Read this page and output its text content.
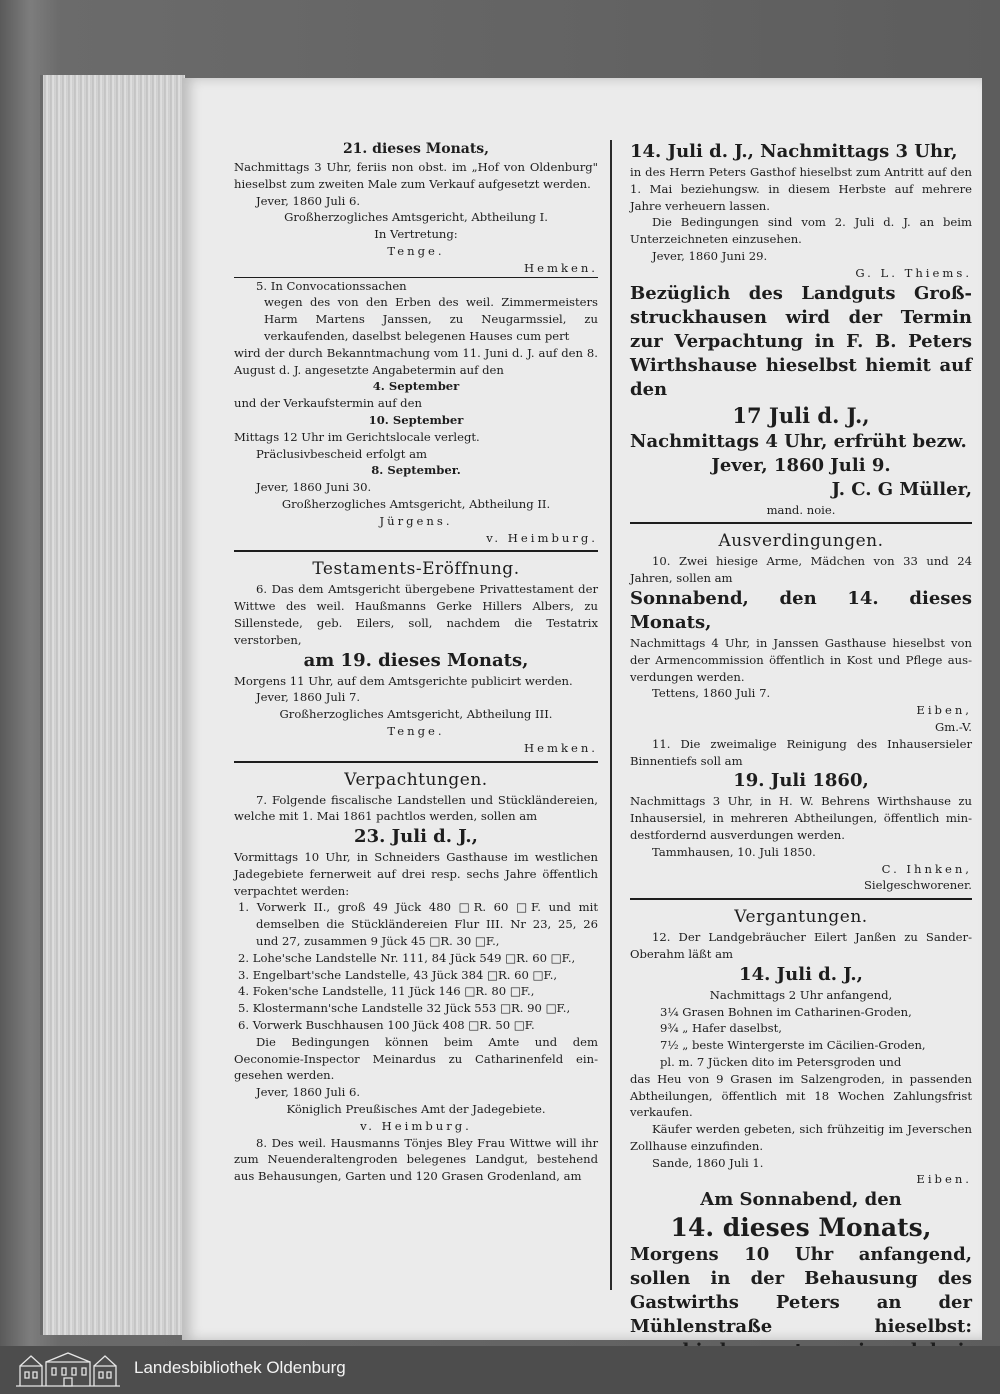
21. dieses Monats,
Nachmittags 3 Uhr, feriis non obst. im „Hof von Oldenburg" hieselbst zum zweiten Male zum Verkauf aufgesetzt werden.
Jever, 1860 Juli 6.
Großherzogliches Amtsgericht, Abtheilung I.
In Vertretung:
Tenge.
Hemken.
5. In Convocationssachen
wegen des von den Erben des weil. Zimmermeisters Harm Martens Janssen, zu Neugarmssiel, zu verkaufenden, daselbst belegenen Hauses cum pert
wird der durch Bekanntmachung vom 11. Juni d. J. auf den 8. August d. J. angesetzte Angabetermin auf den
4. September
und der Verkaufstermin auf den
10. September
Mittags 12 Uhr im Gerichtslocale verlegt.
Präclusivbescheid erfolgt am
8. September.
Jever, 1860 Juni 30.
Großherzogliches Amtsgericht, Abtheilung II.
Jürgens.
v. Heimburg.
Testaments-Eröffnung.
6. Das dem Amtsgericht übergebene Privattestament der Wittwe des weil. Haußmanns Gerke Hillers Albers, zu Sillenstede, geb. Eilers, soll, nachdem die Testatrix verstorben,
am 19. dieses Monats,
Morgens 11 Uhr, auf dem Amtsgerichte publicirt werden.
Jever, 1860 Juli 7.
Großherzogliches Amtsgericht, Abtheilung III.
Tenge.
Hemken.
Verpachtungen.
7. Folgende fiscalische Landstellen und Stückländereien, welche mit 1. Mai 1861 pachtlos werden, sollen am
23. Juli d. J.,
Vormittags 10 Uhr, in Schneiders Gasthause im westlichen Jadegebiete fernerweit auf drei resp. sechs Jahre öffentlich verpachtet werden:
1. Vorwerk II., groß 49 Jück 480 □R. 60 □F. und mit demselben die Stückländereien Flur III. Nr 23, 25, 26 und 27, zusammen 9 Jück 45 □R. 30 □F.,
2. Lohe'sche Landstelle Nr. 111, 84 Jück 549 □R. 60 □F.,
3. Engelbart'sche Landstelle, 43 Jück 384 □R. 60 □F.,
4. Foken'sche Landstelle, 11 Jück 146 □R. 80 □F.,
5. Klostermann'sche Landstelle 32 Jück 553 □R. 90 □F.,
6. Vorwerk Buschhausen 100 Jück 408 □R. 50 □F.
Die Bedingungen können beim Amte und dem Oeconomie-Inspector Meinardus zu Catharinenfeld eingesehen werden.
Jever, 1860 Juli 6.
Königlich Preußisches Amt der Jadegebiete.
v. Heimburg.
8. Des weil. Hausmanns Tönjes Bley Frau Wittwe will ihr zum Neuenderaltengroden belegenes Landgut, bestehend aus Behausungen, Garten und 120 Grasen Grodenland, am
14. Juli d. J., Nachmittags 3 Uhr,
in des Herrn Peters Gasthof hieselbst zum Antritt auf den 1. Mai beziehungsw. in diesem Herbste auf mehrere Jahre verheuern lassen.
Die Bedingungen sind vom 2. Juli d. J. an beim Unterzeichneten einzusehen.
Jever, 1860 Juni 29.
G. L. Thiems.
Bezüglich des Landguts Großstruckhausen wird der Termin zur Verpachtung in F. B. Peters Wirthshause hieselbst hiemit auf den
17 Juli d. J.,
Nachmittags 4 Uhr, erfrüht bezw.
Jever, 1860 Juli 9.
J. C. G Müller,
mand. noie.
Ausverdingungen.
10. Zwei hiesige Arme, Mädchen von 33 und 24 Jahren, sollen am
Sonnabend, den 14. dieses Monats,
Nachmittags 4 Uhr, in Janssen Gasthause hieselbst von der Armencommission öffentlich in Kost und Pflege ausverdungen werden.
Tettens, 1860 Juli 7.
Eiben,
Gm.-V.
11. Die zweimalige Reinigung des Inhausersieler Binnentiefs soll am
19. Juli 1860,
Nachmittags 3 Uhr, in H. W. Behrens Wirthshause zu Inhausersiel, in mehreren Abtheilungen, öffentlich mindestfordernd ausverdungen werden.
Tammhausen, 10. Juli 1850.
C. Ihnken,
Sielgeschworener.
Vergantungen.
12. Der Landgebräucher Eilert Janßen zu Sander-Oberahm läßt am
14. Juli d. J.,
Nachmittags 2 Uhr anfangend,
3¼ Grasen Bohnen im Catharinen-Groden,
9¾ „ Hafer daselbst,
7½ „ beste Wintergerste im Cäcilien-Groden,
pl. m. 7 Jücken dito im Petersgroden und
das Heu von 9 Grasen im Salzengroden, in passenden Abtheilungen, öffentlich mit 18 Wochen Zahlungsfrist verkaufen.
Käufer werden gebeten, sich frühzeitig im Jeverschen Zollhause einzufinden.
Sande, 1860 Juli 1.
Eiben.
Am Sonnabend, den
14. dieses Monats,
Morgens 10 Uhr anfangend, sollen in der Behausung des Gastwirths Peters an der Mühlenstraße hieselbst:
Landesbibliothek Oldenburg
